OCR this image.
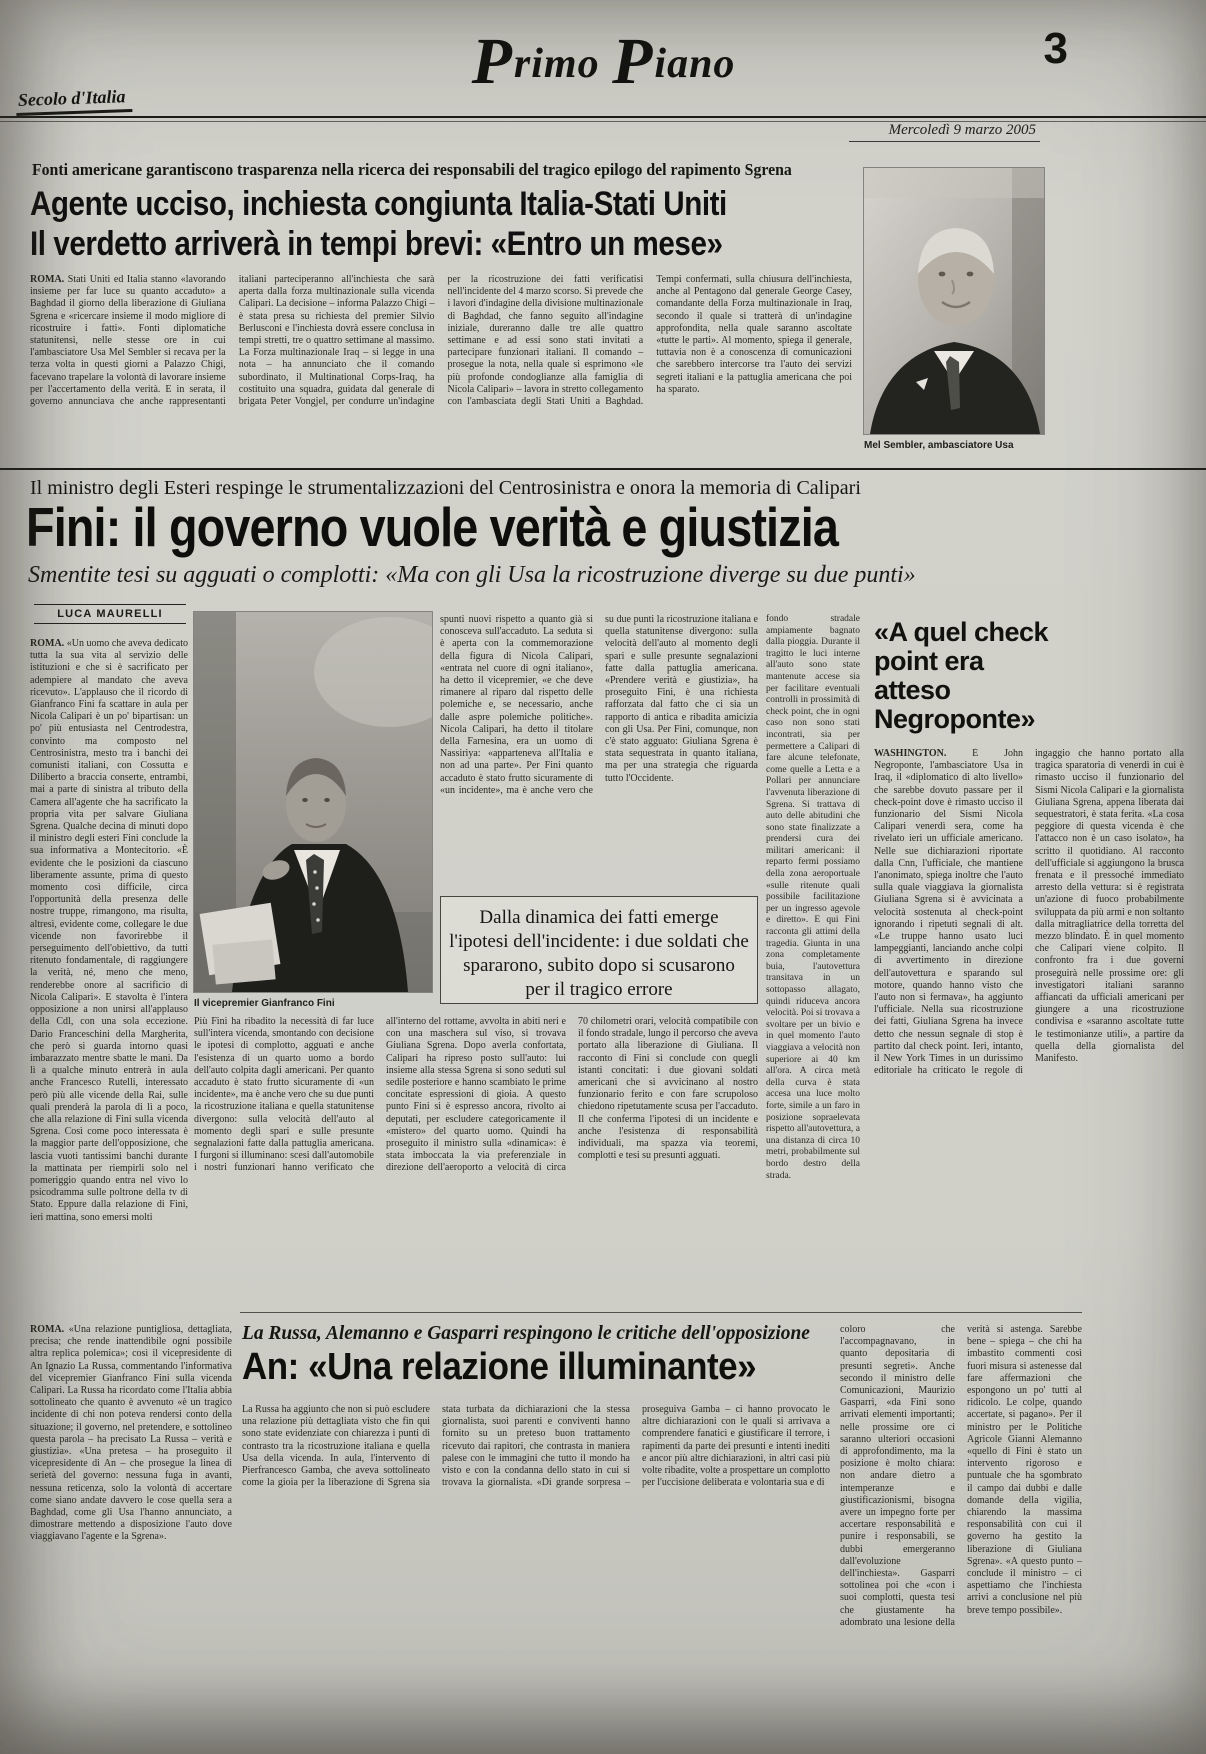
Secolo d'Italia
Primo Piano	3
Mercoledì 9 marzo 2005
Fonti americane garantiscono trasparenza nella ricerca dei responsabili del tragico epilogo del rapimento Sgrena
Agente ucciso, inchiesta congiunta Italia-Stati Uniti
Il verdetto arriverà in tempi brevi: «Entro un mese»
ROMA. Stati Uniti ed Italia stanno «lavorando insieme per far luce su quanto accaduto» a Baghdad il giorno della liberazione di Giuliana Sgrena e «ricercare insieme il modo migliore di ricostruire i fatti». Fonti diplomatiche statunitensi, nelle stesse ore in cui l'ambasciatore Usa Mel Sembler si recava per la terza volta in questi giorni a Palazzo Chigi, facevano trapelare la volontà di lavorare insieme per l'accertamento della verità. E in serata, il governo annunciava che anche rappresentanti italiani parteciperanno all'inchiesta che sarà aperta dalla forza multinazionale sulla vicenda Calipari. La decisione – informa Palazzo Chigi – è stata presa su richiesta del premier Silvio Berlusconi e l'inchiesta dovrà essere conclusa in tempi stretti, tre o quattro settimane al massimo. La Forza multinazionale Iraq – si legge in una nota – ha annunciato che il comando subordinato, il Multinational Corps-Iraq, ha costituito una squadra, guidata dal generale di brigata Peter Vongjel, per condurre un'indagine per la ricostruzione dei fatti verificatisi nell'incidente del 4 marzo scorso. Si prevede che i lavori d'indagine della divisione multinazionale di Baghdad, che fanno seguito all'indagine iniziale, dureranno dalle tre alle quattro settimane e ad essi sono stati invitati a partecipare funzionari italiani. Il comando – prosegue la nota, nella quale si esprimono «le più profonde condoglianze alla famiglia di Nicola Calipari» – lavora in stretto collegamento con l'ambasciata degli Stati Uniti a Baghdad. Tempi confermati, sulla chiusura dell'inchiesta, anche al Pentagono dal generale George Casey, comandante della Forza multinazionale in Iraq, secondo il quale si tratterà di un'indagine approfondita, nella quale saranno ascoltate «tutte le parti». Al momento, spiega il generale, tuttavia non è a conoscenza di comunicazioni che sarebbero intercorse tra l'auto dei servizi segreti italiani e la pattuglia americana che poi ha sparato.
Mel Sembler, ambasciatore Usa
Il ministro degli Esteri respinge le strumentalizzazioni del Centrosinistra e onora la memoria di Calipari
Fini: il governo vuole verità e giustizia
Smentite tesi su agguati o complotti: «Ma con gli Usa la ricostruzione diverge su due punti»
LUCA MAURELLI
ROMA. «Un uomo che aveva dedicato tutta la sua vita al servizio delle istituzioni e che si è sacrificato per adempiere al mandato che aveva ricevuto». L'applauso che il ricordo di Gianfranco Fini fa scattare in aula per Nicola Calipari è un po' bipartisan: un po' più entusiasta nel Centrodestra, convinto ma composto nel Centrosinistra, mesto tra i banchi dei comunisti italiani, con Cossutta e Diliberto a braccia conserte, entrambi, mai a parte di sinistra al tributo della Camera all'agente che ha sacrificato la propria vita per salvare Giuliana Sgrena. Qualche decina di minuti dopo il ministro degli esteri Fini conclude la sua informativa a Montecitorio. «È evidente che le posizioni da ciascuno liberamente assunte, prima di questo momento così difficile, circa l'opportunità della presenza delle nostre truppe, rimangono, ma risulta, altresì, evidente come, collegare le due vicende non favorirebbe il perseguimento dell'obiettivo, da tutti ritenuto fondamentale, di raggiungere la verità, né, meno che meno, renderebbe onore al sacrificio di Nicola Calipari». E stavolta è l'intera opposizione a non unirsi all'applauso della Cdl, con una sola eccezione. Dario Franceschini della Margherita, che però si guarda intorno quasi imbarazzato mentre sbatte le mani. Da lì a qualche minuto entrerà in aula anche Francesco Rutelli, interessato però più alle vicende della Rai, sulle quali prenderà la parola di lì a poco, che alla relazione di Fini sulla vicenda Sgrena. Così come poco interessata è la maggior parte dell'opposizione, che lascia vuoti tantissimi banchi durante la mattinata per riempirli solo nel pomeriggio quando entra nel vivo lo psicodramma sulle poltrone della tv di Stato. Eppure dalla relazione di Fini, ieri mattina, sono emersi molti
Il vicepremier Gianfranco Fini
spunti nuovi rispetto a quanto già si conosceva sull'accaduto. La seduta si è aperta con la commemorazione della figura di Nicola Calipari, «entrata nel cuore di ogni italiano», ha detto il vicepremier, «e che deve rimanere al riparo dal rispetto delle polemiche e, se necessario, anche dalle aspre polemiche politiche». Nicola Calipari, ha detto il titolare della Farnesina, era un uomo di Nassiriya: «apparteneva all'Italia e non ad una parte». Per Fini quanto accaduto è stato frutto sicuramente di «un incidente», ma è anche vero che su due punti la ricostruzione italiana e quella statunitense divergono: sulla velocità dell'auto al momento degli spari e sulle presunte segnalazioni fatte dalla pattuglia americana. «Prendere verità e giustizia», ha proseguito Fini, è una richiesta rafforzata dal fatto che ci sia un rapporto di antica e ribadita amicizia con gli Usa. Per Fini, comunque, non c'è stato agguato: Giuliana Sgrena è stata sequestrata in quanto italiana, ma per una strategia che riguarda tutto l'Occidente.
fondo stradale ampiamente bagnato dalla pioggia. Durante il tragitto le luci interne all'auto sono state mantenute accese sia per facilitare eventuali controlli in prossimità di check point, che in ogni caso non sono stati incontrati, sia per permettere a Calipari di fare alcune telefonate, come quelle a Letta e a Pollari per annunciare l'avvenuta liberazione di Sgrena. Si trattava di auto delle abitudini che sono state finalizzate a prendersi cura dei militari americani: il reparto fermi possiamo della zona aeroportuale «sulle ritenute quali possibile facilitazione per un ingresso agevole e diretto». E qui Fini racconta gli attimi della tragedia. Giunta in una zona completamente buia, l'autovettura transitava in un sottopasso allagato, quindi riduceva ancora velocità. Poi si trovava a svoltare per un bivio e in quel momento l'auto viaggiava a velocità non superiore ai 40 km all'ora. A circa metà della curva è stata accesa una luce molto forte, simile a un faro in posizione sopraelevata rispetto all'autovettura, a una distanza di circa 10 metri, probabilmente sul bordo destro della strada.
Dalla dinamica dei fatti emerge l'ipotesi dell'incidente: i due soldati che spararono, subito dopo si scusarono per il tragico errore
Più Fini ha ribadito la necessità di far luce sull'intera vicenda, smontando con decisione le ipotesi di complotto, agguati e anche l'esistenza di un quarto uomo a bordo dell'auto colpita dagli americani. Per quanto accaduto è stato frutto sicuramente di «un incidente», ma è anche vero che su due punti la ricostruzione italiana e quella statunitense divergono: sulla velocità dell'auto al momento degli spari e sulle presunte segnalazioni fatte dalla pattuglia americana. I furgoni si illuminano: scesi dall'automobile i nostri funzionari hanno verificato che all'interno del rottame, avvolta in abiti neri e con una maschera sul viso, si trovava Giuliana Sgrena. Dopo averla confortata, Calipari ha ripreso posto sull'auto: lui insieme alla stessa Sgrena si sono seduti sul sedile posteriore e hanno scambiato le prime concitate espressioni di gioia. A questo punto Fini si è espresso ancora, rivolto ai deputati, per escludere categoricamente il «mistero» del quarto uomo. Quindi ha proseguito il ministro sulla «dinamica»: è stata imboccata la via preferenziale in direzione dell'aeroporto a velocità di circa 70 chilometri orari, velocità compatibile con il fondo stradale, lungo il percorso che aveva portato alla liberazione di Giuliana. Il racconto di Fini si conclude con quegli istanti concitati: i due giovani soldati americani che si avvicinano al nostro funzionario ferito e con fare scrupoloso chiedono ripetutamente scusa per l'accaduto. Il che conferma l'ipotesi di un incidente e anche l'esistenza di responsabilità individuali, ma spazza via teoremi, complotti e tesi su presunti agguati.
«A quel check point era atteso Negroponte»
WASHINGTON.	È John Negroponte, l'ambasciatore Usa in Iraq, il «diplomatico di alto livello» che sarebbe dovuto passare per il check-point dove è rimasto ucciso il funzionario del Sismi Nicola Calipari venerdì sera, come ha rivelato ieri un ufficiale americano. Nelle sue dichiarazioni riportate dalla Cnn, l'ufficiale, che mantiene l'anonimato, spiega inoltre che l'auto sulla quale viaggiava la giornalista Giuliana Sgrena si è avvicinata a velocità sostenuta al check-point ignorando i ripetuti segnali di alt. «Le truppe hanno usato luci lampeggianti, lanciando anche colpi di avvertimento in direzione dell'autovettura e sparando sul motore, quando hanno visto che l'auto non si fermava», ha aggiunto l'ufficiale. Nella sua ricostruzione dei fatti, Giuliana Sgrena ha invece detto che nessun segnale di stop è partito dal check point. Ieri, intanto, il New York Times in un durissimo editoriale ha criticato le regole di ingaggio che hanno portato alla tragica sparatoria di venerdì in cui è rimasto ucciso il funzionario del Sismi Nicola Calipari e la giornalista Giuliana Sgrena, appena liberata dai sequestratori, è stata ferita. «La cosa peggiore di questa vicenda è che l'attacco non è un caso isolato», ha scritto il quotidiano. Al racconto dell'ufficiale si aggiungono la brusca frenata e il pressoché immediato arresto della vettura: si è registrata un'azione di fuoco probabilmente sviluppata da più armi e non soltanto dalla mitragliatrice della torretta del mezzo blindato. È in quel momento che Calipari viene colpito. Il confronto fra i due governi proseguirà nelle prossime ore: gli investigatori italiani saranno affiancati da ufficiali americani per giungere a una ricostruzione condivisa e «saranno ascoltate tutte le testimonianze utili», a partire da quella della giornalista del Manifesto.
ROMA. «Una relazione puntigliosa, dettagliata, precisa; che rende inattendibile ogni possibile altra replica polemica»; così il vicepresidente di An Ignazio La Russa, commentando l'informativa del vicepremier Gianfranco Fini sulla vicenda Calipari. La Russa ha ricordato come l'Italia abbia sottolineato che quanto è avvenuto «è un tragico incidente di chi non poteva rendersi conto della situazione; il governo, nel pretendere, e sottolineo questa parola – ha precisato La Russa – verità e giustizia». «Una pretesa – ha proseguito il vicepresidente di An – che prosegue la linea di serietà del governo: nessuna fuga in avanti, nessuna reticenza, solo la volontà di accertare come siano andate davvero le cose quella sera a Baghdad, come gli Usa l'hanno annunciato, a dimostrare mettendo a disposizione l'auto dove viaggiavano l'agente e la Sgrena».
La Russa, Alemanno e Gasparri respingono le critiche dell'opposizione
An: «Una relazione illuminante»
La Russa ha aggiunto che non si può escludere una relazione più dettagliata visto che fin qui sono state evidenziate con chiarezza i punti di contrasto tra la ricostruzione italiana e quella Usa della vicenda. In aula, l'intervento di Pierfrancesco Gamba, che aveva sottolineato come la gioia per la liberazione di Sgrena sia stata turbata da dichiarazioni che la stessa giornalista, suoi parenti e conviventi hanno fornito su un preteso buon trattamento ricevuto dai rapitori, che contrasta in maniera palese con le immagini che tutto il mondo ha visto e con la condanna dello stato in cui si trovava la giornalista. «Di grande sorpresa – proseguiva Gamba – ci hanno provocato le altre dichiarazioni con le quali si arrivava a comprendere fanatici e giustificare il terrore, i rapimenti da parte dei presunti e intenti inediti e ancor più altre dichiarazioni, in altri casi più volte ribadite, volte a prospettare un complotto per l'uccisione deliberata e volontaria sua e di
coloro che l'accompagnavano, in quanto depositaria di presunti segreti». Anche secondo il ministro delle Comunicazioni, Maurizio Gasparri, «da Fini sono arrivati elementi importanti; nelle prossime ore ci saranno ulteriori occasioni di approfondimento, ma la posizione è molto chiara: non andare dietro a intemperanze e giustificazionismi, bisogna avere un impegno forte per accertare responsabilità e punire i responsabili, se dubbi emergeranno dall'evoluzione dell'inchiesta». Gasparri sottolinea poi che «con i suoi complotti, questa tesi che giustamente ha adombrato una lesione della verità si astenga. Sarebbe bene – spiega – che chi ha imbastito commenti così fuori misura si astenesse dal fare affermazioni che espongono un po' tutti al ridicolo. Le colpe, quando accertate, si pagano». Per il ministro per le Politiche Agricole Gianni Alemanno «quello di Fini è stato un intervento rigoroso e puntuale che ha sgombrato il campo dai dubbi e dalle domande della vigilia, chiarendo la massima responsabilità con cui il governo ha gestito la liberazione di Giuliana Sgrena». «A questo punto – conclude il ministro – ci aspettiamo che l'inchiesta arrivi a conclusione nel più breve tempo possibile».
